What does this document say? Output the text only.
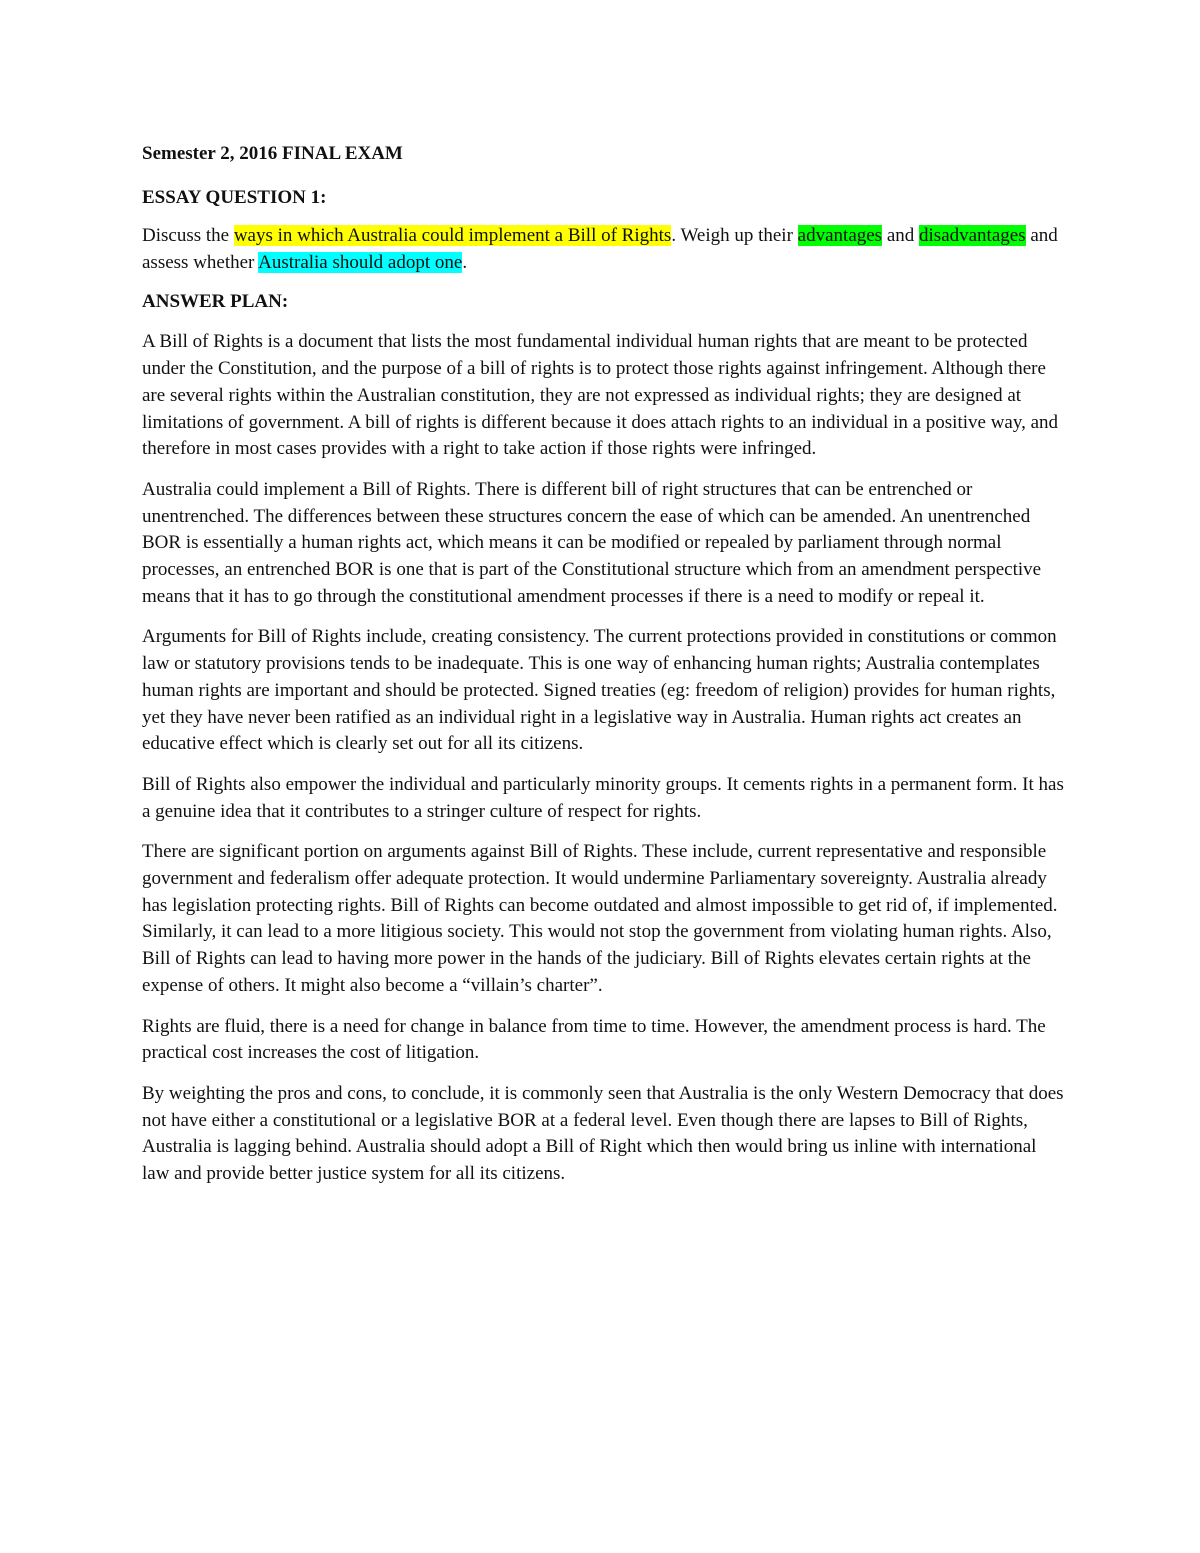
Semester 2, 2016 FINAL EXAM

ESSAY QUESTION 1:

Discuss the ways in which Australia could implement a Bill of Rights. Weigh up their advantages and disadvantages and assess whether Australia should adopt one.

ANSWER PLAN:

A Bill of Rights is a document that lists the most fundamental individual human rights that are meant to be protected under the Constitution, and the purpose of a bill of rights is to protect those rights against infringement. Although there are several rights within the Australian constitution, they are not expressed as individual rights; they are designed at limitations of government. A bill of rights is different because it does attach rights to an individual in a positive way, and therefore in most cases provides with a right to take action if those rights were infringed.

Australia could implement a Bill of Rights. There is different bill of right structures that can be entrenched or unentrenched. The differences between these structures concern the ease of which can be amended. An unentrenched BOR is essentially a human rights act, which means it can be modified or repealed by parliament through normal processes, an entrenched BOR is one that is part of the Constitutional structure which from an amendment perspective means that it has to go through the constitutional amendment processes if there is a need to modify or repeal it.

Arguments for Bill of Rights include, creating consistency. The current protections provided in constitutions or common law or statutory provisions tends to be inadequate. This is one way of enhancing human rights; Australia contemplates human rights are important and should be protected. Signed treaties (eg: freedom of religion) provides for human rights, yet they have never been ratified as an individual right in a legislative way in Australia. Human rights act creates an educative effect which is clearly set out for all its citizens.

Bill of Rights also empower the individual and particularly minority groups. It cements rights in a permanent form. It has a genuine idea that it contributes to a stringer culture of respect for rights.

There are significant portion on arguments against Bill of Rights. These include, current representative and responsible government and federalism offer adequate protection. It would undermine Parliamentary sovereignty. Australia already has legislation protecting rights. Bill of Rights can become outdated and almost impossible to get rid of, if implemented. Similarly, it can lead to a more litigious society. This would not stop the government from violating human rights. Also, Bill of Rights can lead to having more power in the hands of the judiciary. Bill of Rights elevates certain rights at the expense of others. It might also become a “villain’s charter”.

Rights are fluid, there is a need for change in balance from time to time. However, the amendment process is hard. The practical cost increases the cost of litigation.

By weighting the pros and cons, to conclude, it is commonly seen that Australia is the only Western Democracy that does not have either a constitutional or a legislative BOR at a federal level. Even though there are lapses to Bill of Rights, Australia is lagging behind. Australia should adopt a Bill of Right which then would bring us inline with international law and provide better justice system for all its citizens.
